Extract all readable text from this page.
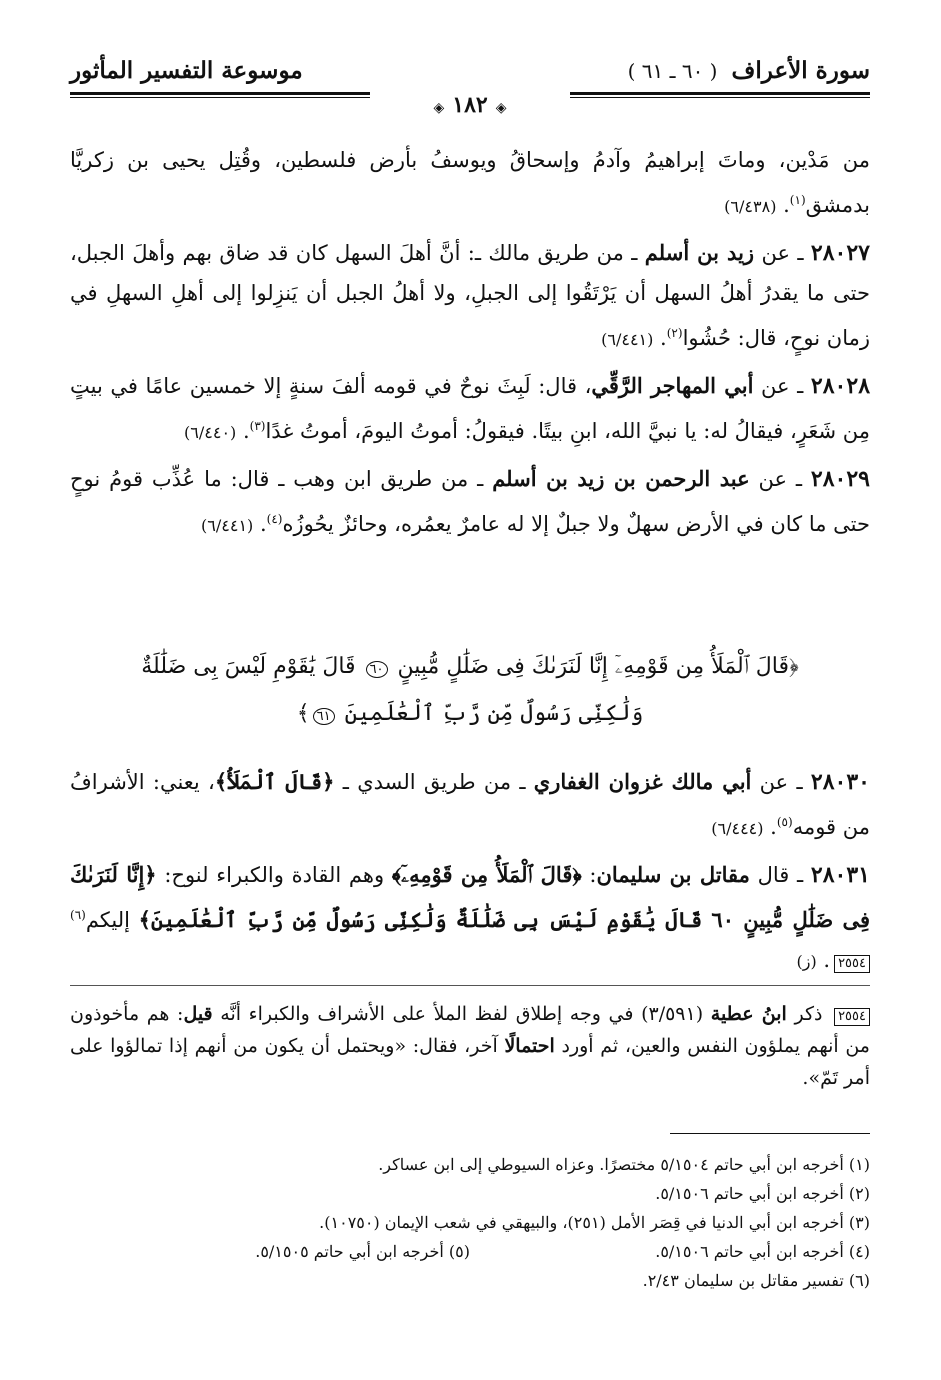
سورة الأعراف ( ٦٠ ـ ٦١ )
موسوعة التفسير المأثور
◈ ١٨٢ ◈

من مَدْين، وماتَ إبراهيمُ وآدمُ وإسحاقُ ويوسفُ بأرض فلسطين، وقُتِل يحيى بن زكريَّا بدمشق$^{(١)}$. (٦/٤٣٨)

٢٨٠٢٧ ـ عن زيد بن أسلم ـ من طريق مالك ـ: أنَّ أهلَ السهل كان قد ضاق بهم وأهلَ الجبل، حتى ما يقدرُ أهلُ السهل أن يَرْتَقُوا إلى الجبلِ، ولا أهلُ الجبل أن يَنزِلوا إلى أهلِ السهلِ في زمان نوحٍ، قال: حُشُوا$^{(٢)}$. (٦/٤٤١)

٢٨٠٢٨ ـ عن أبي المهاجر الرَّقِّي، قال: لَبِثَ نوحٌ في قومه ألفَ سنةٍ إلا خمسين عامًا في بيتٍ مِن شَعَرٍ، فيقالُ له: يا نبيَّ الله، ابنِ بيتًا. فيقولُ: أموتُ اليومَ، أموتُ غدًا$^{(٣)}$. (٦/٤٤٠)

٢٨٠٢٩ ـ عن عبد الرحمن بن زيد بن أسلم ـ من طريق ابن وهب ـ قال: ما عُذِّب قومُ نوحٍ حتى ما كان في الأرض سهلٌ ولا جبلٌ إلا له عامرٌ يعمُره، وحائزٌ يحُوزُه$^{(٤)}$. (٦/٤٤١)

﴿قَالَ ٱلْمَلَأُ مِن قَوْمِهِۦٓ إِنَّا لَنَرَىٰكَ فِى ضَلَٰلٍ مُّبِينٍ ٦٠ قَالَ يَٰقَوْمِ لَيْسَ بِى ضَلَٰلَةٌ
وَلَٰكِنِّى رَسُولٌ مِّن رَّبِّ ٱلْعَٰلَمِينَ ٦١﴾

٢٨٠٣٠ ـ عن أبي مالك غزوان الغفاري ـ من طريق السدي ـ ﴿قَالَ ٱلْمَلَأُ﴾، يعني: الأشرافُ من قومه$^{(٥)}$. (٦/٤٤٤)

٢٨٠٣١ ـ قال مقاتل بن سليمان: ﴿قَالَ ٱلْمَلَأُ مِن قَوْمِهِۦٓ﴾ وهم القادة والكبراء لنوح: ﴿إِنَّا لَنَرَىٰكَ فِى ضَلَٰلٍ مُّبِينٍ ٦٠ قَالَ يَٰقَوْمِ لَيْسَ بِى ضَلَٰلَةٌ وَلَٰكِنِّى رَسُولٌ مِّن رَّبِّ ٱلْعَٰلَمِينَ﴾ إليكم$^{(٦)}$٢٥٥٤. (ز)

٢٥٥٤ ذكر ابنُ عطية (٣/٥٩١) في وجه إطلاق لفظ الملأ على الأشراف والكبراء أنَّه قيل: هم مأخوذون من أنهم يملؤون النفس والعين، ثم أورد احتمالًا آخر، فقال: «ويحتمل أن يكون من أنهم إذا تمالؤوا على أمر تَمّ».
(١) أخرجه ابن أبي حاتم ٥/١٥٠٤ مختصرًا. وعزاه السيوطي إلى ابن عساكر.
(٢) أخرجه ابن أبي حاتم ٥/١٥٠٦.
(٣) أخرجه ابن أبي الدنيا في قِصَر الأمل (٢٥١)، والبيهقي في شعب الإيمان (١٠٧٥٠).
(٤) أخرجه ابن أبي حاتم ٥/١٥٠٦.
(٥) أخرجه ابن أبي حاتم ٥/١٥٠٥.
(٦) تفسير مقاتل بن سليمان ٢/٤٣.
